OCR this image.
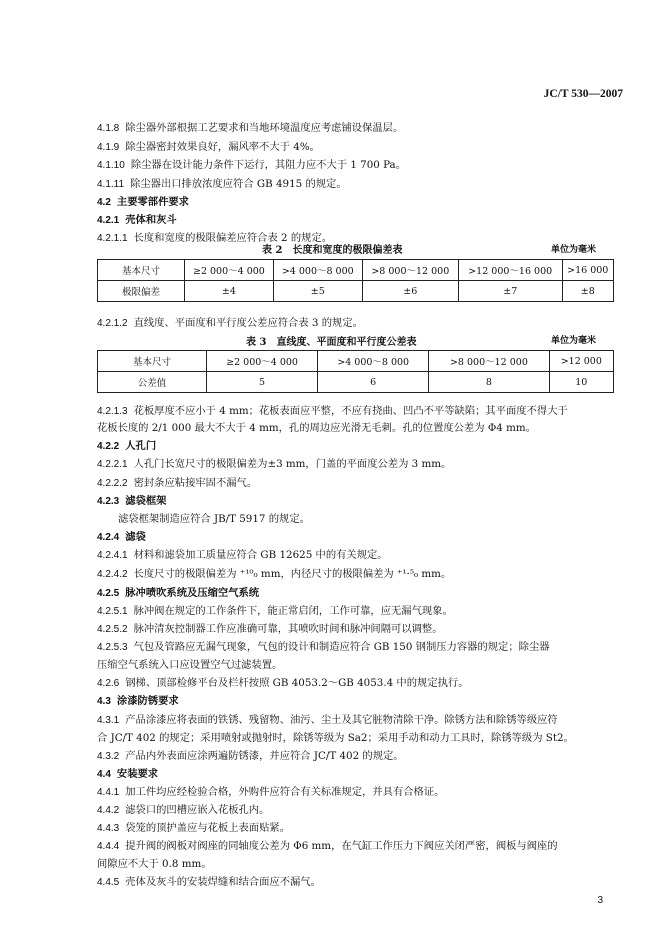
JC/T 530—2007
4.1.8 除尘器外部根据工艺要求和当地环境温度应考虑铺设保温层。
4.1.9 除尘器密封效果良好，漏风率不大于 4%。
4.1.10 除尘器在设计能力条件下运行，其阻力应不大于 1 700 Pa。
4.1.11 除尘器出口排放浓度应符合 GB 4915 的规定。
4.2 主要零部件要求
4.2.1 壳体和灰斗
4.2.1.1 长度和宽度的极限偏差应符合表 2 的规定。
表 2　长度和宽度的极限偏差表	单位为毫米
基本尺寸	≥2 000～4 000	>4 000～8 000	>8 000～12 000	>12 000～16 000	>16 000
极限偏差	±4	±5	±6	±7	±8
4.2.1.2 直线度、平面度和平行度公差应符合表 3 的规定。
表 3　直线度、平面度和平行度公差表	单位为毫米
基本尺寸	≥2 000～4 000	>4 000～8 000	>8 000～12 000	>12 000
公差值	5	6	8	10
4.2.1.3 花板厚度不应小于 4 mm；花板表面应平整，不应有挠曲、凹凸不平等缺陷；其平面度不得大于
花板长度的 2/1 000 最大不大于 4 mm，孔的周边应光滑无毛刺。孔的位置度公差为 Φ4 mm。
4.2.2 人孔门
4.2.2.1 人孔门长宽尺寸的极限偏差为±3 mm，门盖的平面度公差为 3 mm。
4.2.2.2 密封条应粘接牢固不漏气。
4.2.3 滤袋框架
滤袋框架制造应符合 JB/T 5917 的规定。
4.2.4 滤袋
4.2.4.1 材料和滤袋加工质量应符合 GB 12625 中的有关规定。
4.2.4.2 长度尺寸的极限偏差为 ⁺¹⁰₀ mm，内径尺寸的极限偏差为 ⁺¹·⁵₀ mm。
4.2.5 脉冲喷吹系统及压缩空气系统
4.2.5.1 脉冲阀在规定的工作条件下，能正常启闭，工作可靠，应无漏气现象。
4.2.5.2 脉冲清灰控制器工作应准确可靠，其喷吹时间和脉冲间隔可以调整。
4.2.5.3 气包及管路应无漏气现象，气包的设计和制造应符合 GB 150 钢制压力容器的规定；除尘器
压缩空气系统入口应设置空气过滤装置。
4.2.6 钢梯、顶部检修平台及栏杆按照 GB 4053.2～GB 4053.4 中的规定执行。
4.3 涂漆防锈要求
4.3.1 产品涂漆应将表面的铁锈、残留物、油污、尘土及其它脏物清除干净。除锈方法和除锈等级应符
合 JC/T 402 的规定；采用喷射或抛射时，除锈等级为 Sa2；采用手动和动力工具时，除锈等级为 St2。
4.3.2 产品内外表面应涂两遍防锈漆，并应符合 JC/T 402 的规定。
4.4 安装要求
4.4.1 加工件均应经检验合格，外购件应符合有关标准规定，并具有合格证。
4.4.2 滤袋口的凹槽应嵌入花板孔内。
4.4.3 袋笼的顶护盖应与花板上表面贴紧。
4.4.4 提升阀的阀板对阀座的同轴度公差为 Φ6 mm，在气缸工作压力下阀应关闭严密，阀板与阀座的
间隙应不大于 0.8 mm。
4.4.5 壳体及灰斗的安装焊缝和结合面应不漏气。
3
